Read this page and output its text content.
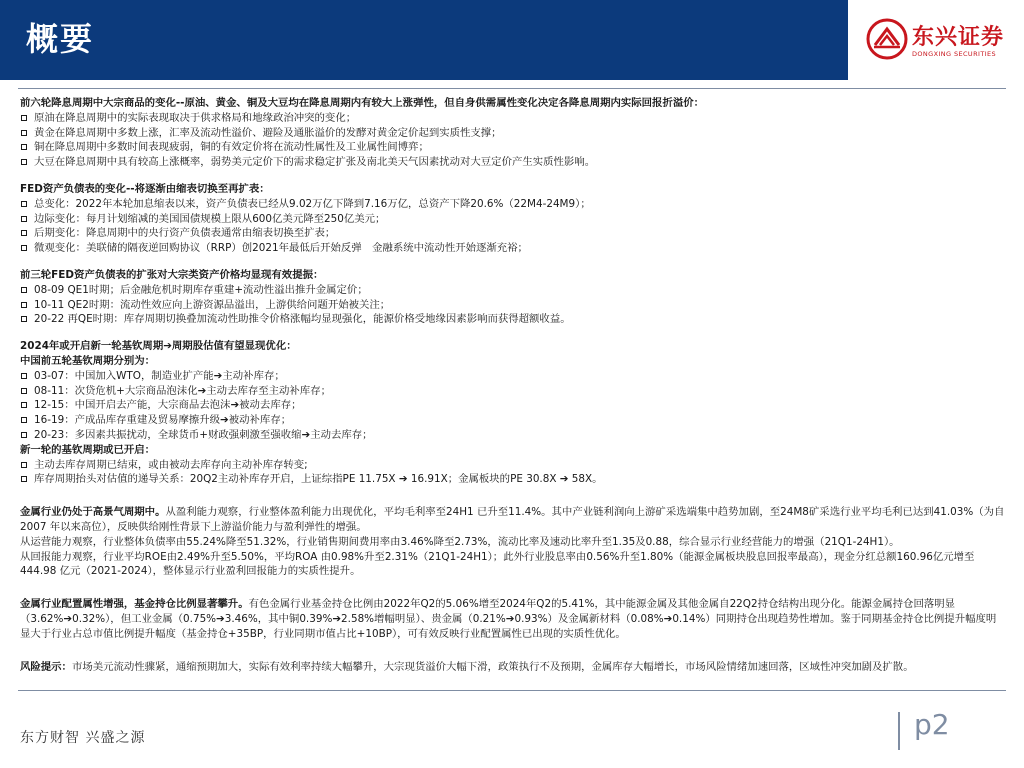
概要	东兴证券
DONGXING SECURITIES
前六轮降息周期中大宗商品的变化--原油、黄金、铜及大豆均在降息周期内有较大上涨弹性，但自身供需属性变化决定各降息周期内实际回报折溢价：
原油在降息周期中的实际表现取决于供求格局和地缘政治冲突的变化；
黄金在降息周期中多数上涨，汇率及流动性溢价、避险及通胀溢价的发酵对黄金定价起到实质性支撑；
铜在降息周期中多数时间表现疲弱，铜的有效定价将在流动性属性及工业属性间博弈；
大豆在降息周期中具有较高上涨概率，弱势美元定价下的需求稳定扩张及南北美天气因素扰动对大豆定价产生实质性影响。
FED资产负债表的变化--将逐渐由缩表切换至再扩表：
总变化：2022年本轮加息缩表以来，资产负债表已经从9.02万亿下降到7.16万亿，总资产下降20.6%（22M4-24M9）；
边际变化：每月计划缩减的美国国债规模上限从600亿美元降至250亿美元；
后期变化：降息周期中的央行资产负债表通常由缩表切换至扩表；
微观变化：美联储的隔夜逆回购协议（RRP）创2021年最低后开始反弹　金融系统中流动性开始逐渐充裕；
前三轮FED资产负债表的扩张对大宗类资产价格均显现有效提振：
08-09 QE1时期；后金融危机时期库存重建+流动性溢出推升金属定价；
10-11 QE2时期：流动性效应向上游资源品溢出，上游供给问题开始被关注；
20-22 再QE时期：库存周期切换叠加流动性助推令价格涨幅均显现强化，能源价格受地缘因素影响而获得超额收益。
2024年或开启新一轮基钦周期➔周期股估值有望显现优化：
中国前五轮基钦周期分别为：
03-07：中国加入WTO，制造业扩产能➔主动补库存；
08-11：次贷危机+大宗商品泡沫化➔主动去库存至主动补库存；
12-15：中国开启去产能，大宗商品去泡沫➔被动去库存；
16-19：产成品库存重建及贸易摩擦升级➔被动补库存；
20-23：多因素共振扰动，全球货币+财政强刺激至强收缩➔主动去库存；
新一轮的基钦周期或已开启：
主动去库存周期已结束，或由被动去库存向主动补库存转变;
库存周期抬头对估值的递导关系：20Q2主动补库存开启，上证综指PE 11.75X ➔ 16.91X；金属板块的PE 30.8X ➔ 58X。
金属行业仍处于高景气周期中。从盈利能力观察，行业整体盈利能力出现优化，平均毛利率至24H1 已升至11.4%。其中产业链利润向上游矿采选端集中趋势加剧，至24M8矿采选行业平均毛利已达到41.03%（为自2007 年以来高位），反映供给刚性背景下上游溢价能力与盈利弹性的增强。
从运营能力观察，行业整体负债率由55.24%降至51.32%，行业销售期间费用率由3.46%降至2.73%，流动比率及速动比率升至1.35及0.88，综合显示行业经营能力的增强（21Q1-24H1）。
从回报能力观察，行业平均ROE由2.49%升至5.50%，平均ROA 由0.98%升至2.31%（21Q1-24H1）；此外行业股息率由0.56%升至1.80%（能源金属板块股息回报率最高），现金分红总额160.96亿元增至444.98 亿元（2021-2024），整体显示行业盈利回报能力的实质性提升。
金属行业配置属性增强，基金持仓比例显著攀升。有色金属行业基金持仓比例由2022年Q2的5.06%增至2024年Q2的5.41%，其中能源金属及其他金属自22Q2持仓结构出现分化。能源金属持仓回落明显（3.62%➔0.32%），但工业金属（0.75%➔3.46%，其中铜0.39%➔2.58%增幅明显）、贵金属（0.21%➔0.93%）及金属新材料（0.08%➔0.14%）同期持仓出现趋势性增加。鉴于同期基金持仓比例提升幅度明显大于行业占总市值比例提升幅度（基金持仓+35BP，行业同期市值占比+10BP），可有效反映行业配置属性已出现的实质性优化。
风险提示：市场美元流动性骤紧，通缩预期加大，实际有效利率持续大幅攀升，大宗现货溢价大幅下滑，政策执行不及预期，金属库存大幅增长，市场风险情绪加速回落，区域性冲突加剧及扩散。
东方财智 兴盛之源	p2
